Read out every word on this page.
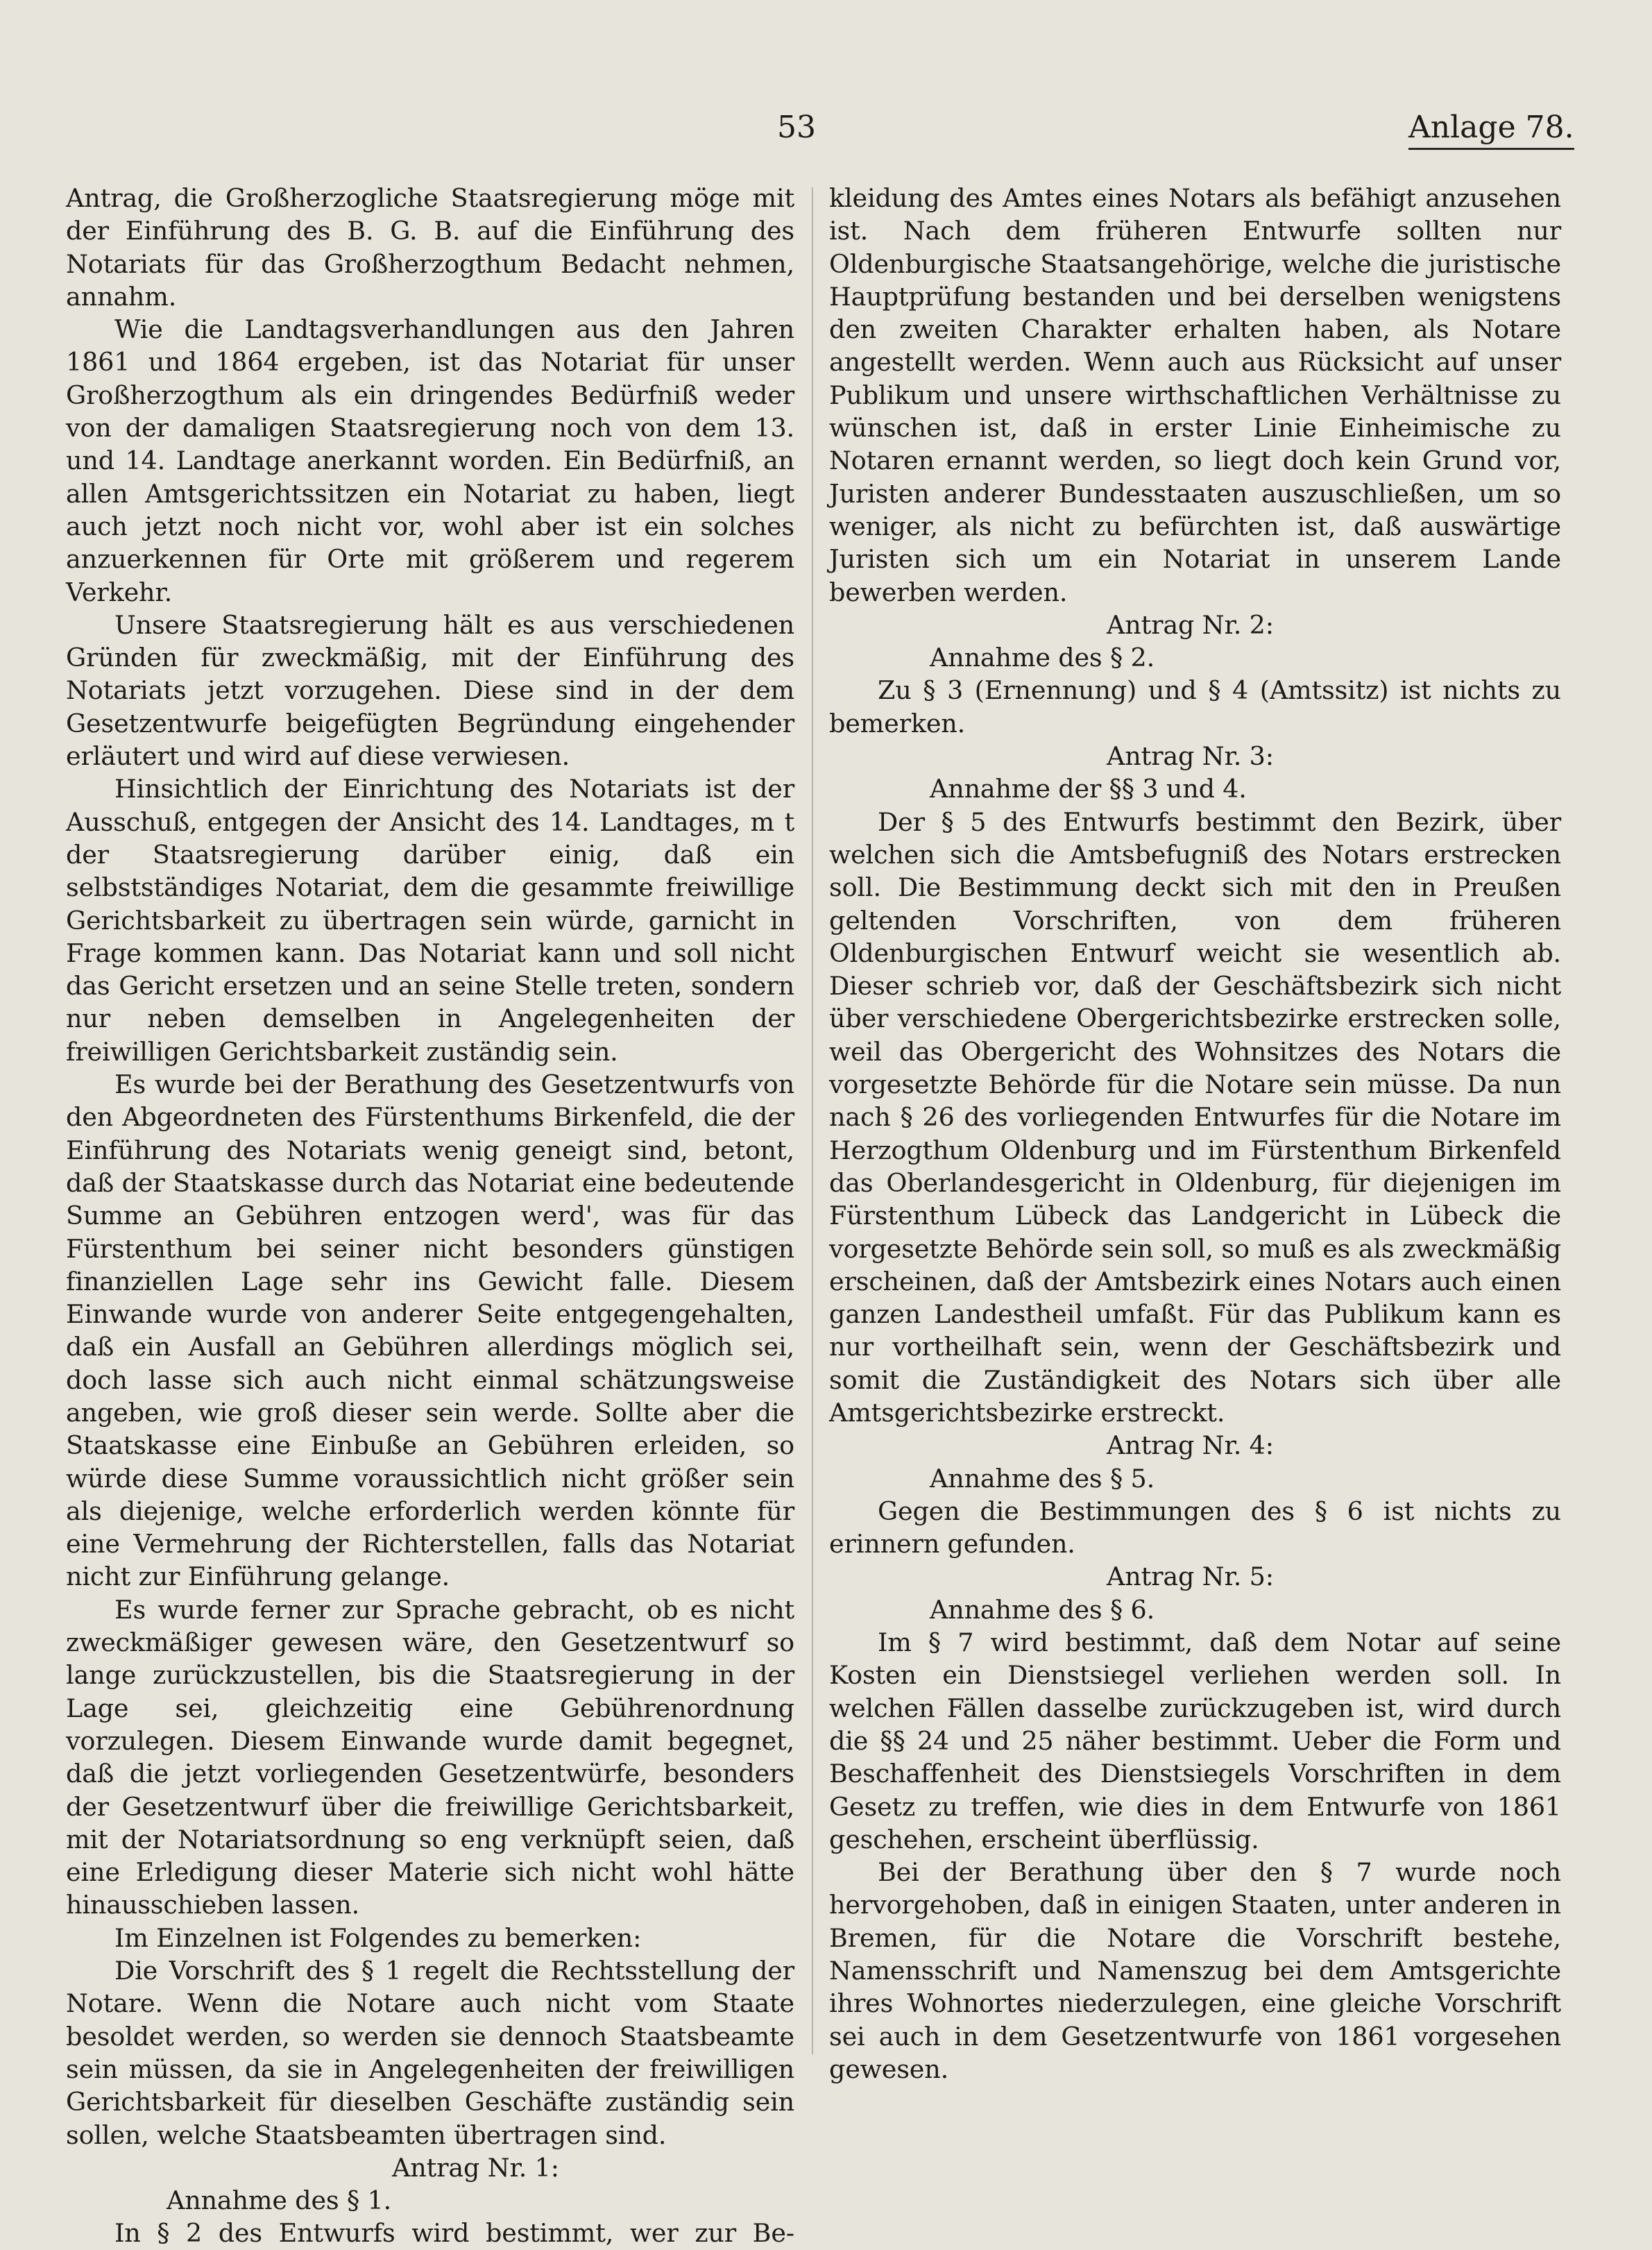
53	Anlage 78.

Antrag, die Großherzogliche Staatsregierung möge mit der Einführung des B. G. B. auf die Einführung des Notariats für das Großherzogthum Bedacht nehmen, annahm.

Wie die Landtagsverhandlungen aus den Jahren 1861 und 1864 ergeben, ist das Notariat für unser Großherzogthum als ein dringendes Bedürfniß weder von der damaligen Staatsregierung noch von dem 13. und 14. Landtage anerkannt worden. Ein Bedürfniß, an allen Amtsgerichtssitzen ein Notariat zu haben, liegt auch jetzt noch nicht vor, wohl aber ist ein solches anzuerkennen für Orte mit größerem und regerem Verkehr.

Unsere Staatsregierung hält es aus verschiedenen Gründen für zweckmäßig, mit der Einführung des Notariats jetzt vorzugehen. Diese sind in der dem Gesetzentwurfe beigefügten Begründung eingehender erläutert und wird auf diese verwiesen.

Hinsichtlich der Einrichtung des Notariats ist der Ausschuß, entgegen der Ansicht des 14. Landtages, m t der Staatsregierung darüber einig, daß ein selbstständiges Notariat, dem die gesammte freiwillige Gerichtsbarkeit zu übertragen sein würde, garnicht in Frage kommen kann. Das Notariat kann und soll nicht das Gericht ersetzen und an seine Stelle treten, sondern nur neben demselben in Angelegenheiten der freiwilligen Gerichtsbarkeit zuständig sein.

Es wurde bei der Berathung des Gesetzentwurfs von den Abgeordneten des Fürstenthums Birkenfeld, die der Einführung des Notariats wenig geneigt sind, betont, daß der Staatskasse durch das Notariat eine bedeutende Summe an Gebühren entzogen werd', was für das Fürstenthum bei seiner nicht besonders günstigen finanziellen Lage sehr ins Gewicht falle. Diesem Einwande wurde von anderer Seite entgegengehalten, daß ein Ausfall an Gebühren allerdings möglich sei, doch lasse sich auch nicht einmal schätzungsweise angeben, wie groß dieser sein werde. Sollte aber die Staatskasse eine Einbuße an Gebühren erleiden, so würde diese Summe voraussichtlich nicht größer sein als diejenige, welche erforderlich werden könnte für eine Vermehrung der Richterstellen, falls das Notariat nicht zur Einführung gelange.

Es wurde ferner zur Sprache gebracht, ob es nicht zweckmäßiger gewesen wäre, den Gesetzentwurf so lange zurückzustellen, bis die Staatsregierung in der Lage sei, gleichzeitig eine Gebührenordnung vorzulegen. Diesem Einwande wurde damit begegnet, daß die jetzt vorliegenden Gesetzentwürfe, besonders der Gesetzentwurf über die freiwillige Gerichtsbarkeit, mit der Notariatsordnung so eng verknüpft seien, daß eine Erledigung dieser Materie sich nicht wohl hätte hinausschieben lassen.

Im Einzelnen ist Folgendes zu bemerken:

Die Vorschrift des § 1 regelt die Rechtsstellung der Notare. Wenn die Notare auch nicht vom Staate besoldet werden, so werden sie dennoch Staatsbeamte sein müssen, da sie in Angelegenheiten der freiwilligen Gerichtsbarkeit für dieselben Geschäfte zuständig sein sollen, welche Staatsbeamten übertragen sind.

Antrag Nr. 1:

Annahme des § 1.

In § 2 des Entwurfs wird bestimmt, wer zur Be-

kleidung des Amtes eines Notars als befähigt anzusehen ist. Nach dem früheren Entwurfe sollten nur Oldenburgische Staatsangehörige, welche die juristische Hauptprüfung bestanden und bei derselben wenigstens den zweiten Charakter erhalten haben, als Notare angestellt werden. Wenn auch aus Rücksicht auf unser Publikum und unsere wirthschaftlichen Verhältnisse zu wünschen ist, daß in erster Linie Einheimische zu Notaren ernannt werden, so liegt doch kein Grund vor, Juristen anderer Bundesstaaten auszuschließen, um so weniger, als nicht zu befürchten ist, daß auswärtige Juristen sich um ein Notariat in unserem Lande bewerben werden.

Antrag Nr. 2:

Annahme des § 2.

Zu § 3 (Ernennung) und § 4 (Amtssitz) ist nichts zu bemerken.

Antrag Nr. 3:

Annahme der §§ 3 und 4.

Der § 5 des Entwurfs bestimmt den Bezirk, über welchen sich die Amtsbefugniß des Notars erstrecken soll. Die Bestimmung deckt sich mit den in Preußen geltenden Vorschriften, von dem früheren Oldenburgischen Entwurf weicht sie wesentlich ab. Dieser schrieb vor, daß der Geschäftsbezirk sich nicht über verschiedene Obergerichtsbezirke erstrecken solle, weil das Obergericht des Wohnsitzes des Notars die vorgesetzte Behörde für die Notare sein müsse. Da nun nach § 26 des vorliegenden Entwurfes für die Notare im Herzogthum Oldenburg und im Fürstenthum Birkenfeld das Oberlandesgericht in Oldenburg, für diejenigen im Fürstenthum Lübeck das Landgericht in Lübeck die vorgesetzte Behörde sein soll, so muß es als zweckmäßig erscheinen, daß der Amtsbezirk eines Notars auch einen ganzen Landestheil umfaßt. Für das Publikum kann es nur vortheilhaft sein, wenn der Geschäftsbezirk und somit die Zuständigkeit des Notars sich über alle Amtsgerichtsbezirke erstreckt.

Antrag Nr. 4:

Annahme des § 5.

Gegen die Bestimmungen des § 6 ist nichts zu erinnern gefunden.

Antrag Nr. 5:

Annahme des § 6.

Im § 7 wird bestimmt, daß dem Notar auf seine Kosten ein Dienstsiegel verliehen werden soll. In welchen Fällen dasselbe zurückzugeben ist, wird durch die §§ 24 und 25 näher bestimmt. Ueber die Form und Beschaffenheit des Dienstsiegels Vorschriften in dem Gesetz zu treffen, wie dies in dem Entwurfe von 1861 geschehen, erscheint überflüssig.

Bei der Berathung über den § 7 wurde noch hervorgehoben, daß in einigen Staaten, unter anderen in Bremen, für die Notare die Vorschrift bestehe, Namensschrift und Namenszug bei dem Amtsgerichte ihres Wohnortes niederzulegen, eine gleiche Vorschrift sei auch in dem Gesetzentwurfe von 1861 vorgesehen gewesen.
